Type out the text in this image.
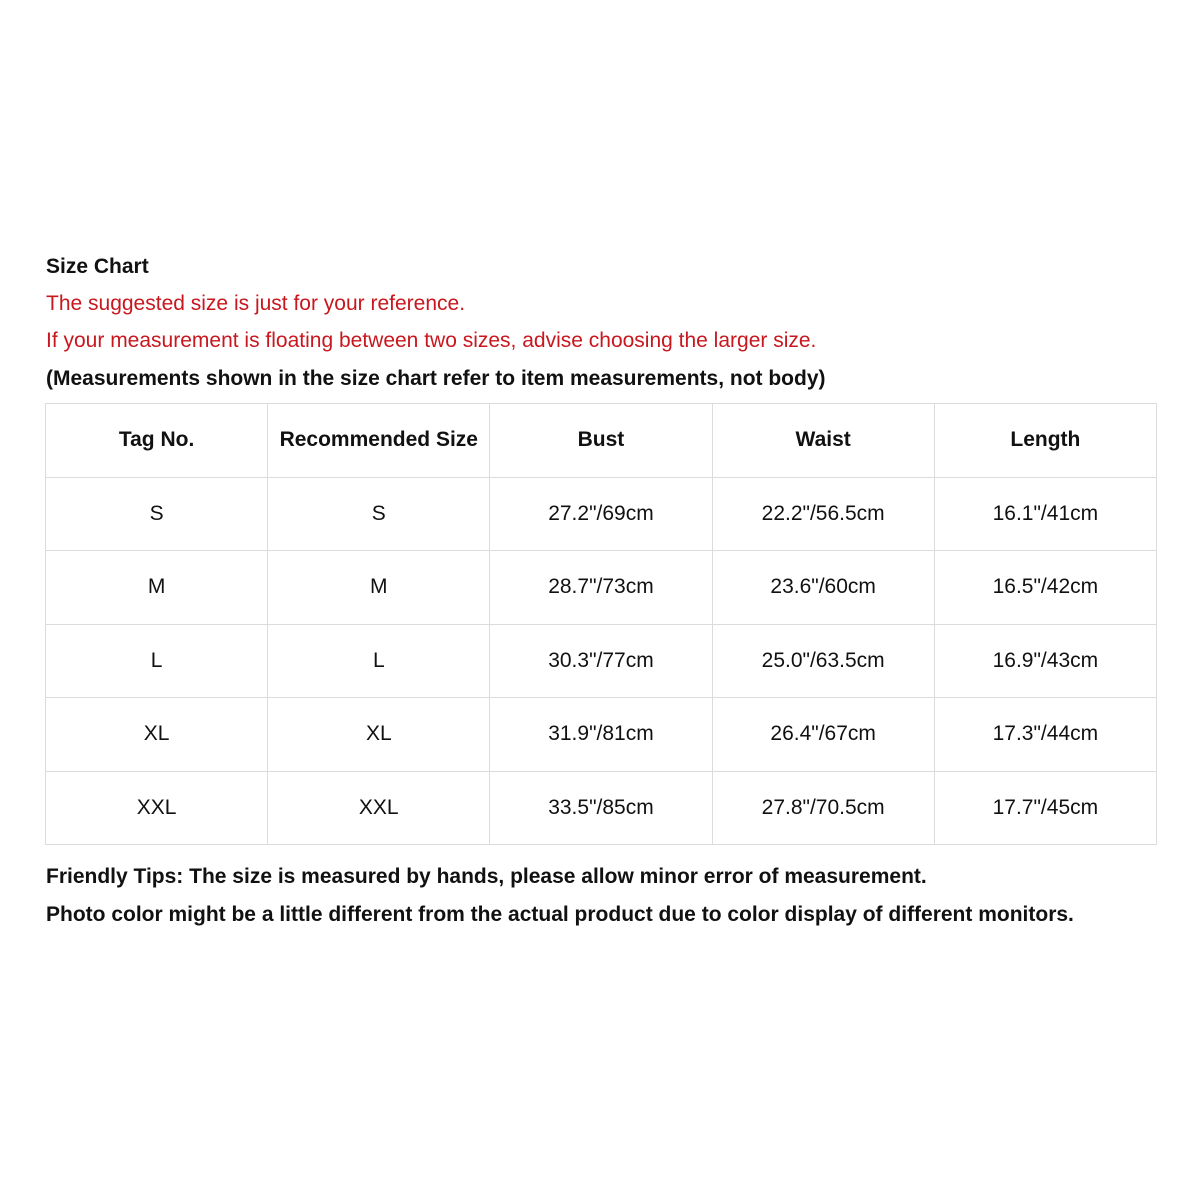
Size Chart
The suggested size is just for your reference.
If your measurement is floating between two sizes, advise choosing the larger size.
(Measurements shown in the size chart refer to item measurements, not body)
Tag No.	Recommended Size	Bust	Waist	Length
S	S	27.2"/69cm	22.2"/56.5cm	16.1"/41cm
M	M	28.7"/73cm	23.6"/60cm	16.5"/42cm
L	L	30.3"/77cm	25.0"/63.5cm	16.9"/43cm
XL	XL	31.9"/81cm	26.4"/67cm	17.3"/44cm
XXL	XXL	33.5"/85cm	27.8"/70.5cm	17.7"/45cm
Friendly Tips: The size is measured by hands, please allow minor error of measurement.
Photo color might be a little different from the actual product due to color display of different monitors.
